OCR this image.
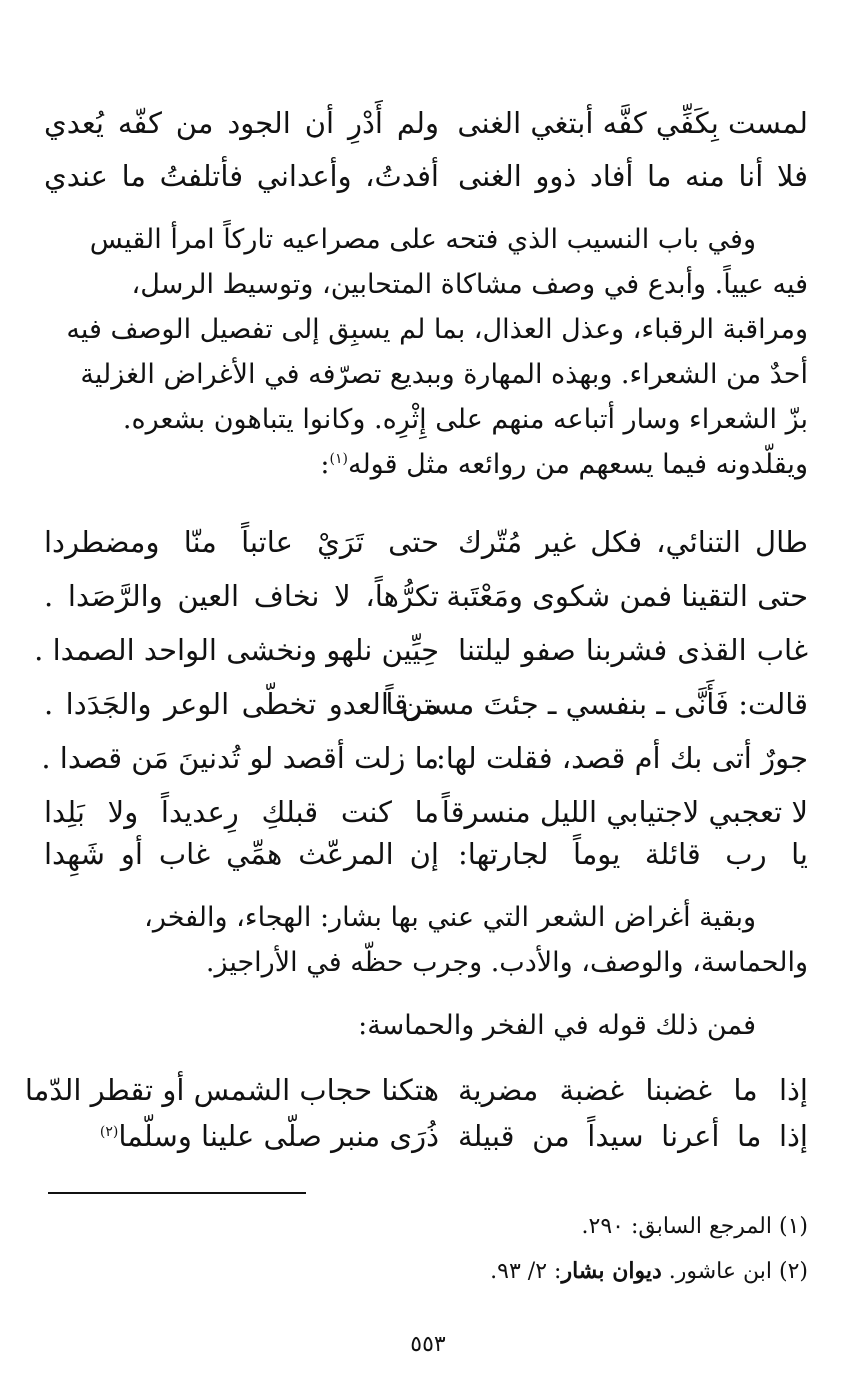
لمست بِكَفِّي كفَّه أبتغي الغنى
ولم أَدْرِ أن الجود من كفّه يُعدي
فلا أنا منه ما أفاد ذوو الغنى
أفدتُ، وأعداني فأتلفتُ ما عندي
وفي باب النسيب الذي فتحه على مصراعيه تاركاً امرأ القيس
فيه عيياً. وأبدع في وصف مشاكاة المتحابين، وتوسيط الرسل،
ومراقبة الرقباء، وعذل العذال، بما لم يسبِق إلى تفصيل الوصف فيه
أحدٌ من الشعراء. وبهذه المهارة وببديع تصرّفه في الأغراض الغزلية
بزّ الشعراء وسار أتباعه منهم على إِثْرِه. وكانوا يتباهون بشعره.
ويقلّدونه فيما يسعهم من روائعه مثل قوله$^{(١)}$:
طال التنائي، فكل غير مُتّرك
حتى تَرَيْ عاتباً منّا ومضطردا
حتى التقينا فمن شكوى ومَعْتَبة
تكرُّهاً، لا نخاف العين والرَّصَدا .
غاب القذى فشربنا صفو ليلتنا
حِيِّين نلهو ونخشى الواحد الصمدا .
قالت: فَأَنَّى ـ بنفسي ـ جئتَ مسترقاً
من العدو تخطّى الوعر والجَدَدا .
جورٌ أتى بك أم قصد، فقلت لها:
ما زلت أقصد لو تُدنينَ مَن قصدا .
لا تعجبي لاجتيابي الليل منسرقاً
ما كنت قبلكِ رِعديداً ولا بَلِدا
يا رب قائلة يوماً لجارتها:
إن المرعّث همِّي غاب أو شَهِدا
وبقية أغراض الشعر التي عني بها بشار: الهجاء، والفخر،
والحماسة، والوصف، والأدب. وجرب حظّه في الأراجيز.
فمن ذلك قوله في الفخر والحماسة:
إذا ما غضبنا غضبة مضرية
هتكنا حجاب الشمس أو تقطر الدّما
إذا ما أعرنا سيداً من قبيلة
ذُرَى منبر صلّى علينا وسلّما$^{(٢)}$
(١) المرجع السابق: ٢٩٠.
(٢) ابن عاشور. ديوان بشار: ٢/ ٩٣.
٥٥٣
